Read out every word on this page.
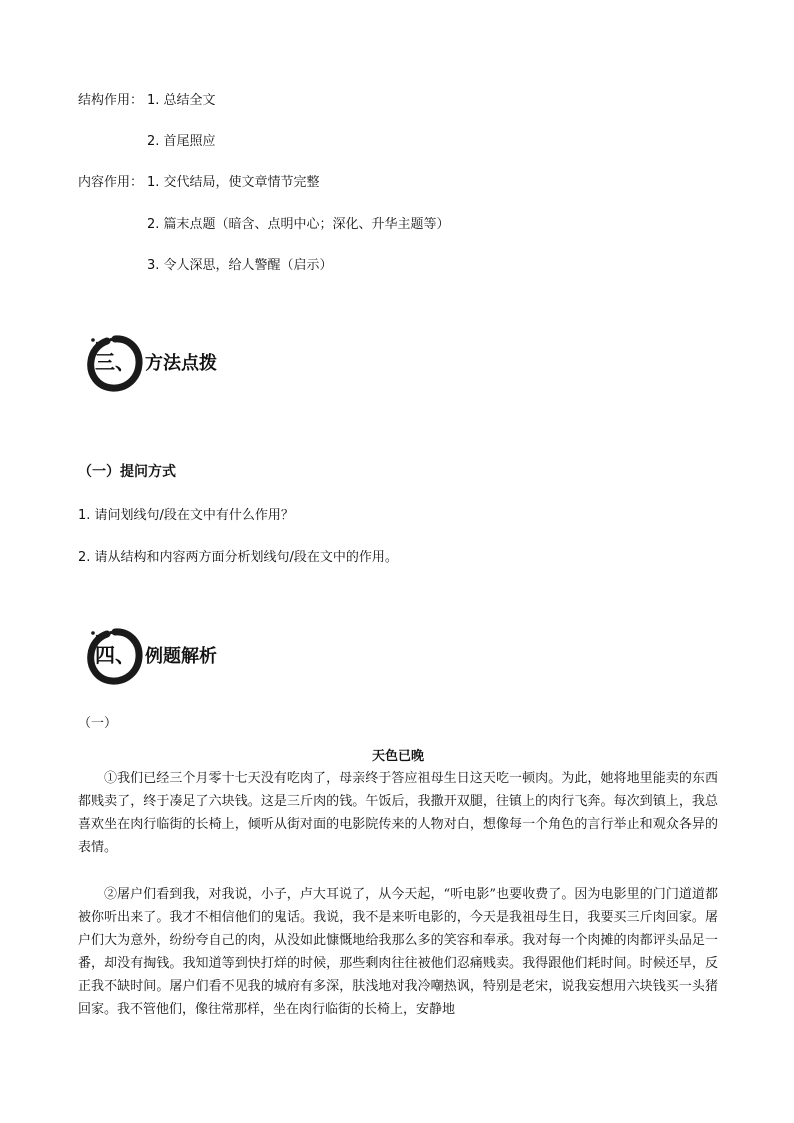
结构作用： 1. 总结全文
2. 首尾照应
内容作用： 1. 交代结局，使文章情节完整
2. 篇末点题（暗含、点明中心；深化、升华主题等）
3. 令人深思，给人警醒（启示）
三、 方法点拨
（一）提问方式
1. 请问划线句/段在文中有什么作用？
2. 请从结构和内容两方面分析划线句/段在文中的作用。
四、 例题解析
（一）
天色已晚

①我们已经三个月零十七天没有吃肉了，母亲终于答应祖母生日这天吃一顿肉。为此，她将地里能卖的东西都贱卖了，终于凑足了六块钱。这是三斤肉的钱。午饭后，我撒开双腿，往镇上的肉行飞奔。每次到镇上，我总喜欢坐在肉行临街的长椅上，倾听从街对面的电影院传来的人物对白，想像每一个角色的言行举止和观众各异的表情。

②屠户们看到我，对我说，小子，卢大耳说了，从今天起，“听电影”也要收费了。因为电影里的门门道道都被你听出来了。我才不相信他们的鬼话。我说，我不是来听电影的，今天是我祖母生日，我要买三斤肉回家。屠户们大为意外，纷纷夸自己的肉，从没如此慷慨地给我那么多的笑容和奉承。我对每一个肉摊的肉都评头品足一番，却没有掏钱。我知道等到快打烊的时候，那些剩肉往往被他们忍痛贱卖。我得跟他们耗时间。时候还早，反正我不缺时间。屠户们看不见我的城府有多深，肤浅地对我冷嘲热讽，特别是老宋，说我妄想用六块钱买一头猪回家。我不管他们，像往常那样，坐在肉行临街的长椅上，安静地
